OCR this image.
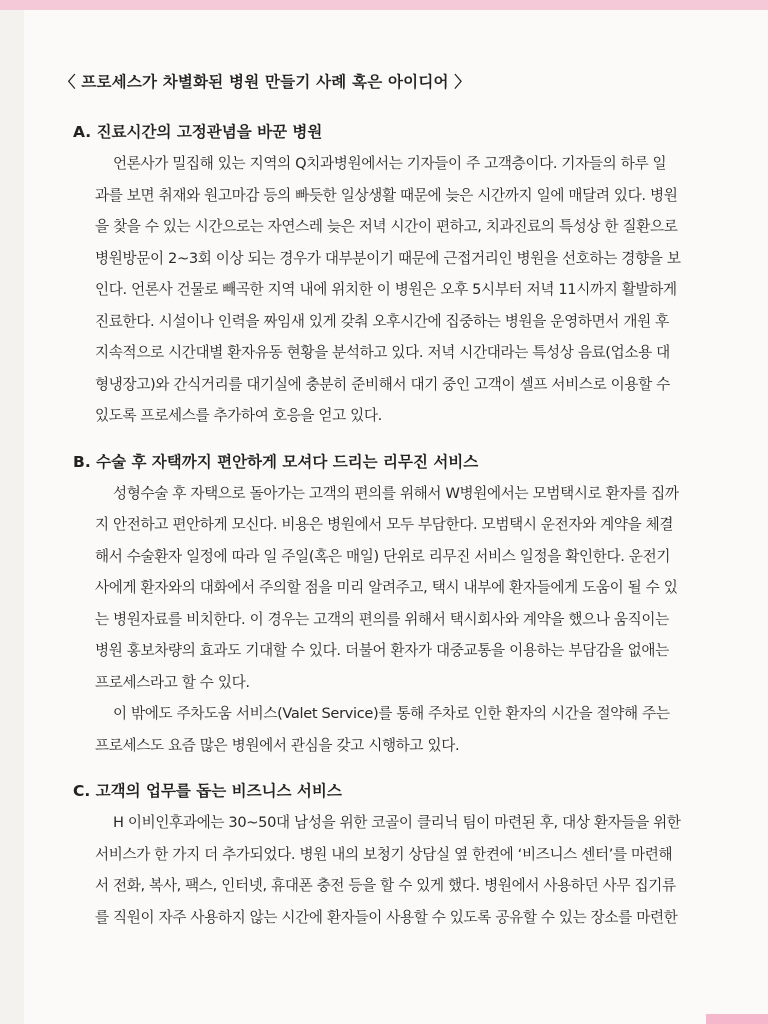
〈 프로세스가 차별화된 병원 만들기 사례 혹은 아이디어 〉
A. 진료시간의 고정관념을 바꾼 병원

언론사가 밀집해 있는 지역의 Q치과병원에서는 기자들이 주 고객층이다. 기자들의 하루 일
과를 보면 취재와 원고마감 등의 빠듯한 일상생활 때문에 늦은 시간까지 일에 매달려 있다. 병원
을 찾을 수 있는 시간으로는 자연스레 늦은 저녁 시간이 편하고, 치과진료의 특성상 한 질환으로
병원방문이 2~3회 이상 되는 경우가 대부분이기 때문에 근접거리인 병원을 선호하는 경향을 보
인다. 언론사 건물로 빼곡한 지역 내에 위치한 이 병원은 오후 5시부터 저녁 11시까지 활발하게
진료한다. 시설이나 인력을 짜임새 있게 갖춰 오후시간에 집중하는 병원을 운영하면서 개원 후
지속적으로 시간대별 환자유동 현황을 분석하고 있다. 저녁 시간대라는 특성상 음료(업소용 대
형냉장고)와 간식거리를 대기실에 충분히 준비해서 대기 중인 고객이 셀프 서비스로 이용할 수
있도록 프로세스를 추가하여 호응을 얻고 있다.

B. 수술 후 자택까지 편안하게 모셔다 드리는 리무진 서비스

성형수술 후 자택으로 돌아가는 고객의 편의를 위해서 W병원에서는 모범택시로 환자를 집까
지 안전하고 편안하게 모신다. 비용은 병원에서 모두 부담한다. 모범택시 운전자와 계약을 체결
해서 수술환자 일정에 따라 일 주일(혹은 매일) 단위로 리무진 서비스 일정을 확인한다. 운전기
사에게 환자와의 대화에서 주의할 점을 미리 알려주고, 택시 내부에 환자들에게 도움이 될 수 있
는 병원자료를 비치한다. 이 경우는 고객의 편의를 위해서 택시회사와 계약을 했으나 움직이는
병원 홍보차량의 효과도 기대할 수 있다. 더불어 환자가 대중교통을 이용하는 부담감을 없애는
프로세스라고 할 수 있다.

이 밖에도 주차도움 서비스(Valet Service)를 통해 주차로 인한 환자의 시간을 절약해 주는
프로세스도 요즘 많은 병원에서 관심을 갖고 시행하고 있다.

C. 고객의 업무를 돕는 비즈니스 서비스

H 이비인후과에는 30~50대 남성을 위한 코골이 클리닉 팀이 마련된 후, 대상 환자들을 위한
서비스가 한 가지 더 추가되었다. 병원 내의 보청기 상담실 옆 한켠에 ‘비즈니스 센터’를 마련해
서 전화, 복사, 팩스, 인터넷, 휴대폰 충전 등을 할 수 있게 했다. 병원에서 사용하던 사무 집기류
를 직원이 자주 사용하지 않는 시간에 환자들이 사용할 수 있도록 공유할 수 있는 장소를 마련한
